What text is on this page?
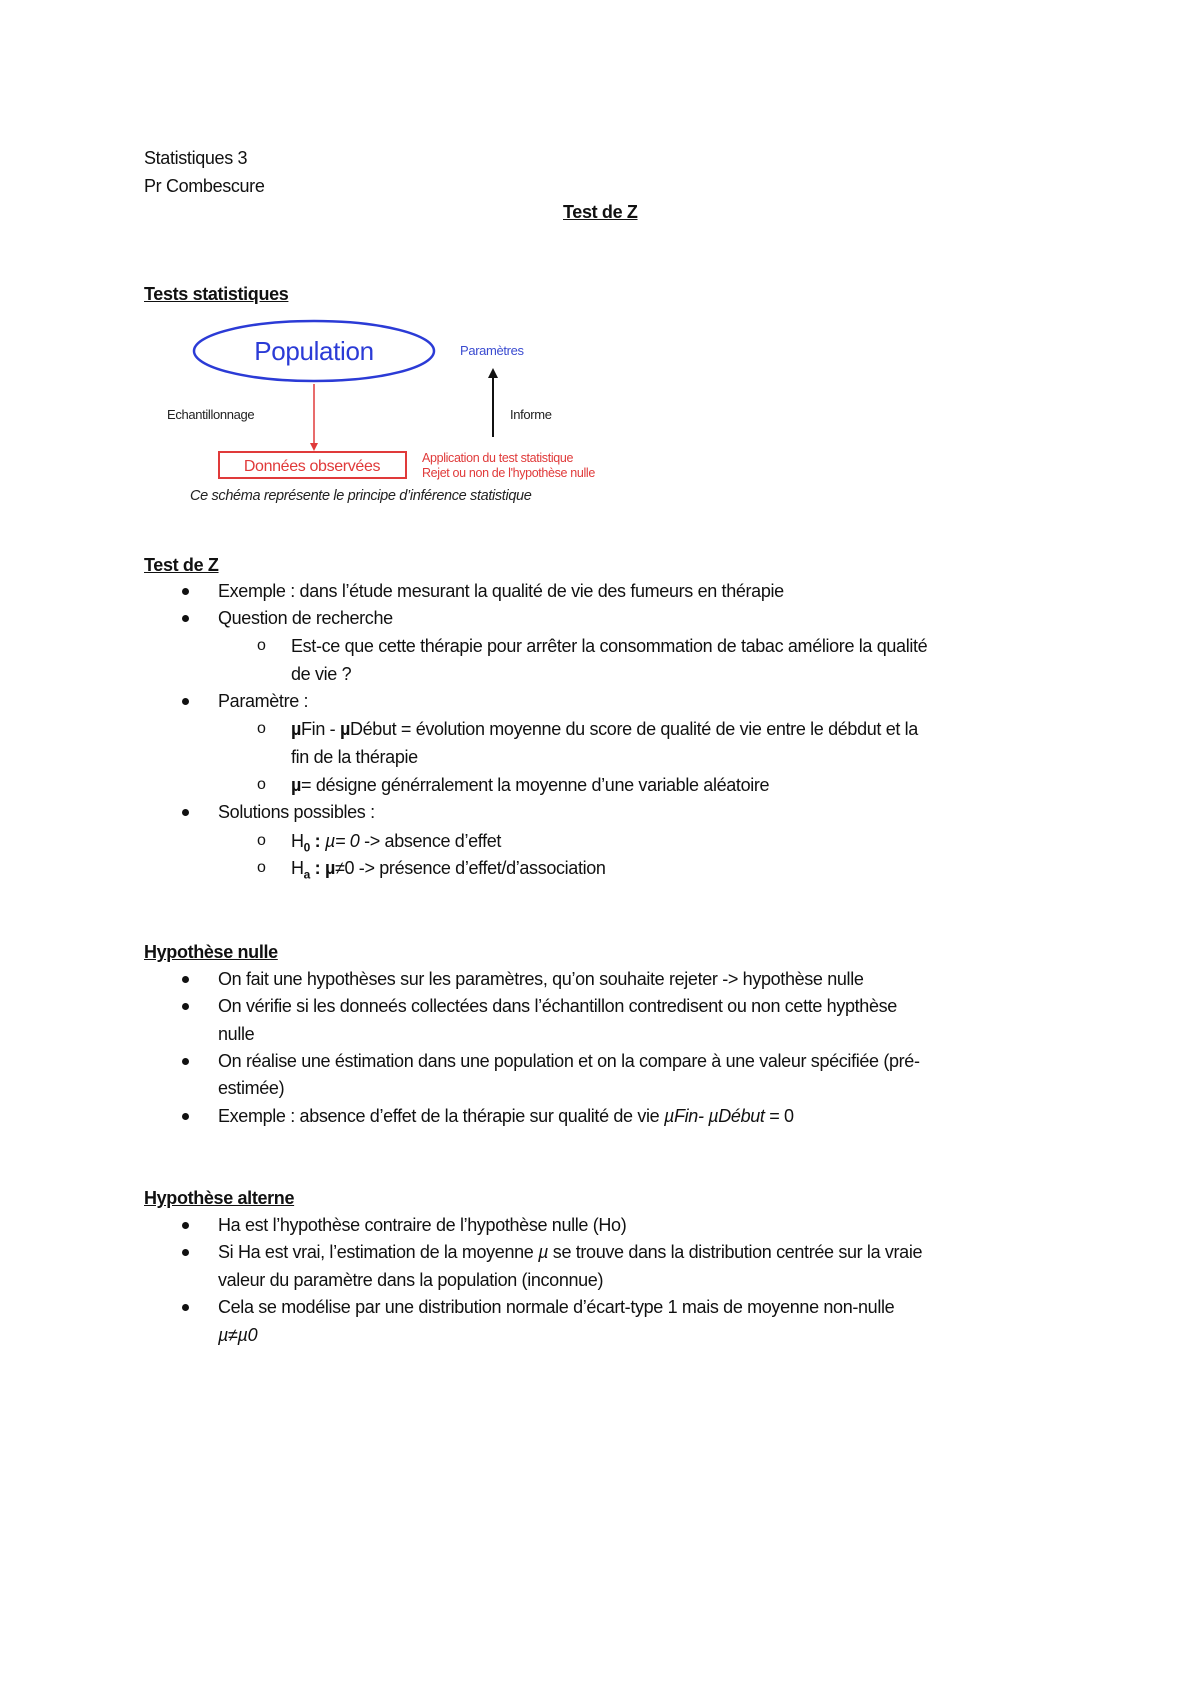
Statistiques 3
Pr Combescure
Test de Z
Tests statistiques
Population	Paramètres
Informe
Echantillonnage
Données observées	Application du test statistique
Rejet ou non de l'hypothèse nulle
Ce schéma représente le principe d’inférence statistique
Test de Z
Exemple : dans l’étude mesurant la qualité de vie des fumeurs en thérapie
Question de recherche
o Est-ce que cette thérapie pour arrêter la consommation de tabac améliore la qualité
de vie ?
Paramètre :
o µFin - µDébut = évolution moyenne du score de qualité de vie entre le débdut et la
fin de la thérapie
o µ= désigne générralement la moyenne d’une variable aléatoire
Solutions possibles :
o $H_0$ : µ= 0 -> absence d’effet
o $H_a$ : µ≠0 -> présence d’effet/d’association
Hypothèse nulle
On fait une hypothèses sur les paramètres, qu’on souhaite rejeter -> hypothèse nulle
On vérifie si les donneés collectées dans l’échantillon contredisent ou non cette hypthèse
nulle
On réalise une éstimation dans une population et on la compare à une valeur spécifiée (pré-
estimée)
Exemple : absence d’effet de la thérapie sur qualité de vie µFin- µDébut = 0
Hypothèse alterne
Ha est l’hypothèse contraire de l’hypothèse nulle (Ho)
Si Ha est vrai, l’estimation de la moyenne µ se trouve dans la distribution centrée sur la vraie
valeur du paramètre dans la population (inconnue)
Cela se modélise par une distribution normale d’écart-type 1 mais de moyenne non-nulle
µ≠µ0
